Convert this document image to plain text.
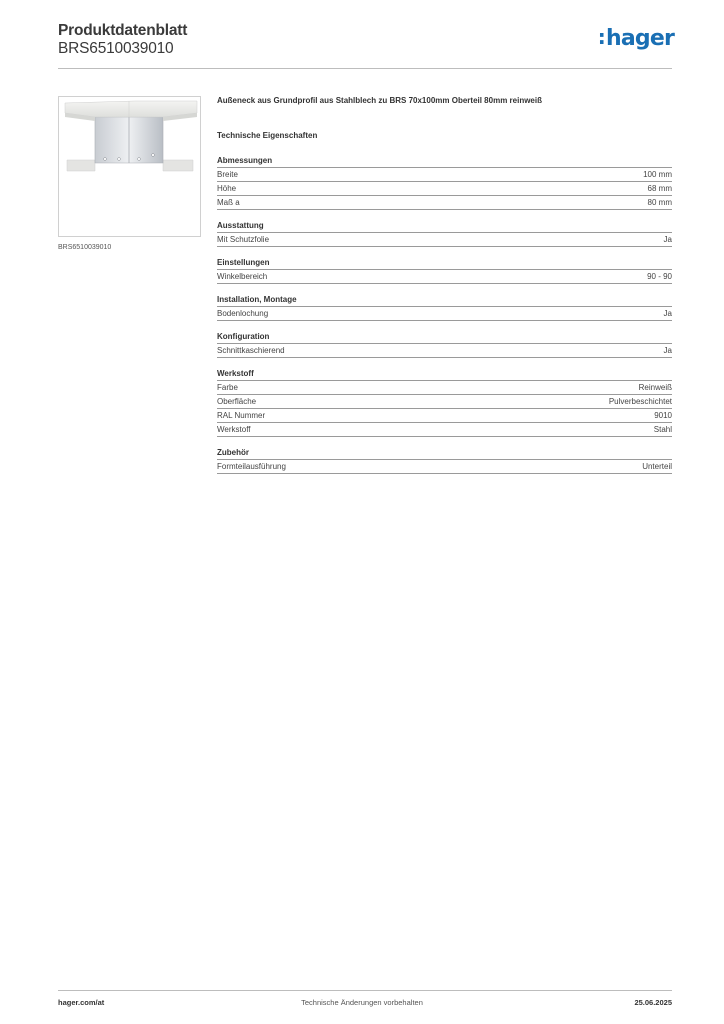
Produktdatenblatt
BRS6510039010	:hager
BRS6510039010
Außeneck aus Grundprofil aus Stahlblech zu BRS 70x100mm Oberteil 80mm reinweiß
Technische Eigenschaften
Abmessungen
Breite	100 mm
Höhe	68 mm
Maß a	80 mm
Ausstattung
Mit Schutzfolie	Ja
Einstellungen
Winkelbereich	90 - 90
Installation, Montage
Bodenlochung	Ja
Konfiguration
Schnittkaschierend	Ja
Werkstoff
Farbe	Reinweiß
Oberfläche	Pulverbeschichtet
RAL Nummer	9010
Werkstoff	Stahl
Zubehör
Formteilausführung	Unterteil
hager.com/at	Technische Änderungen vorbehalten	25.06.2025
